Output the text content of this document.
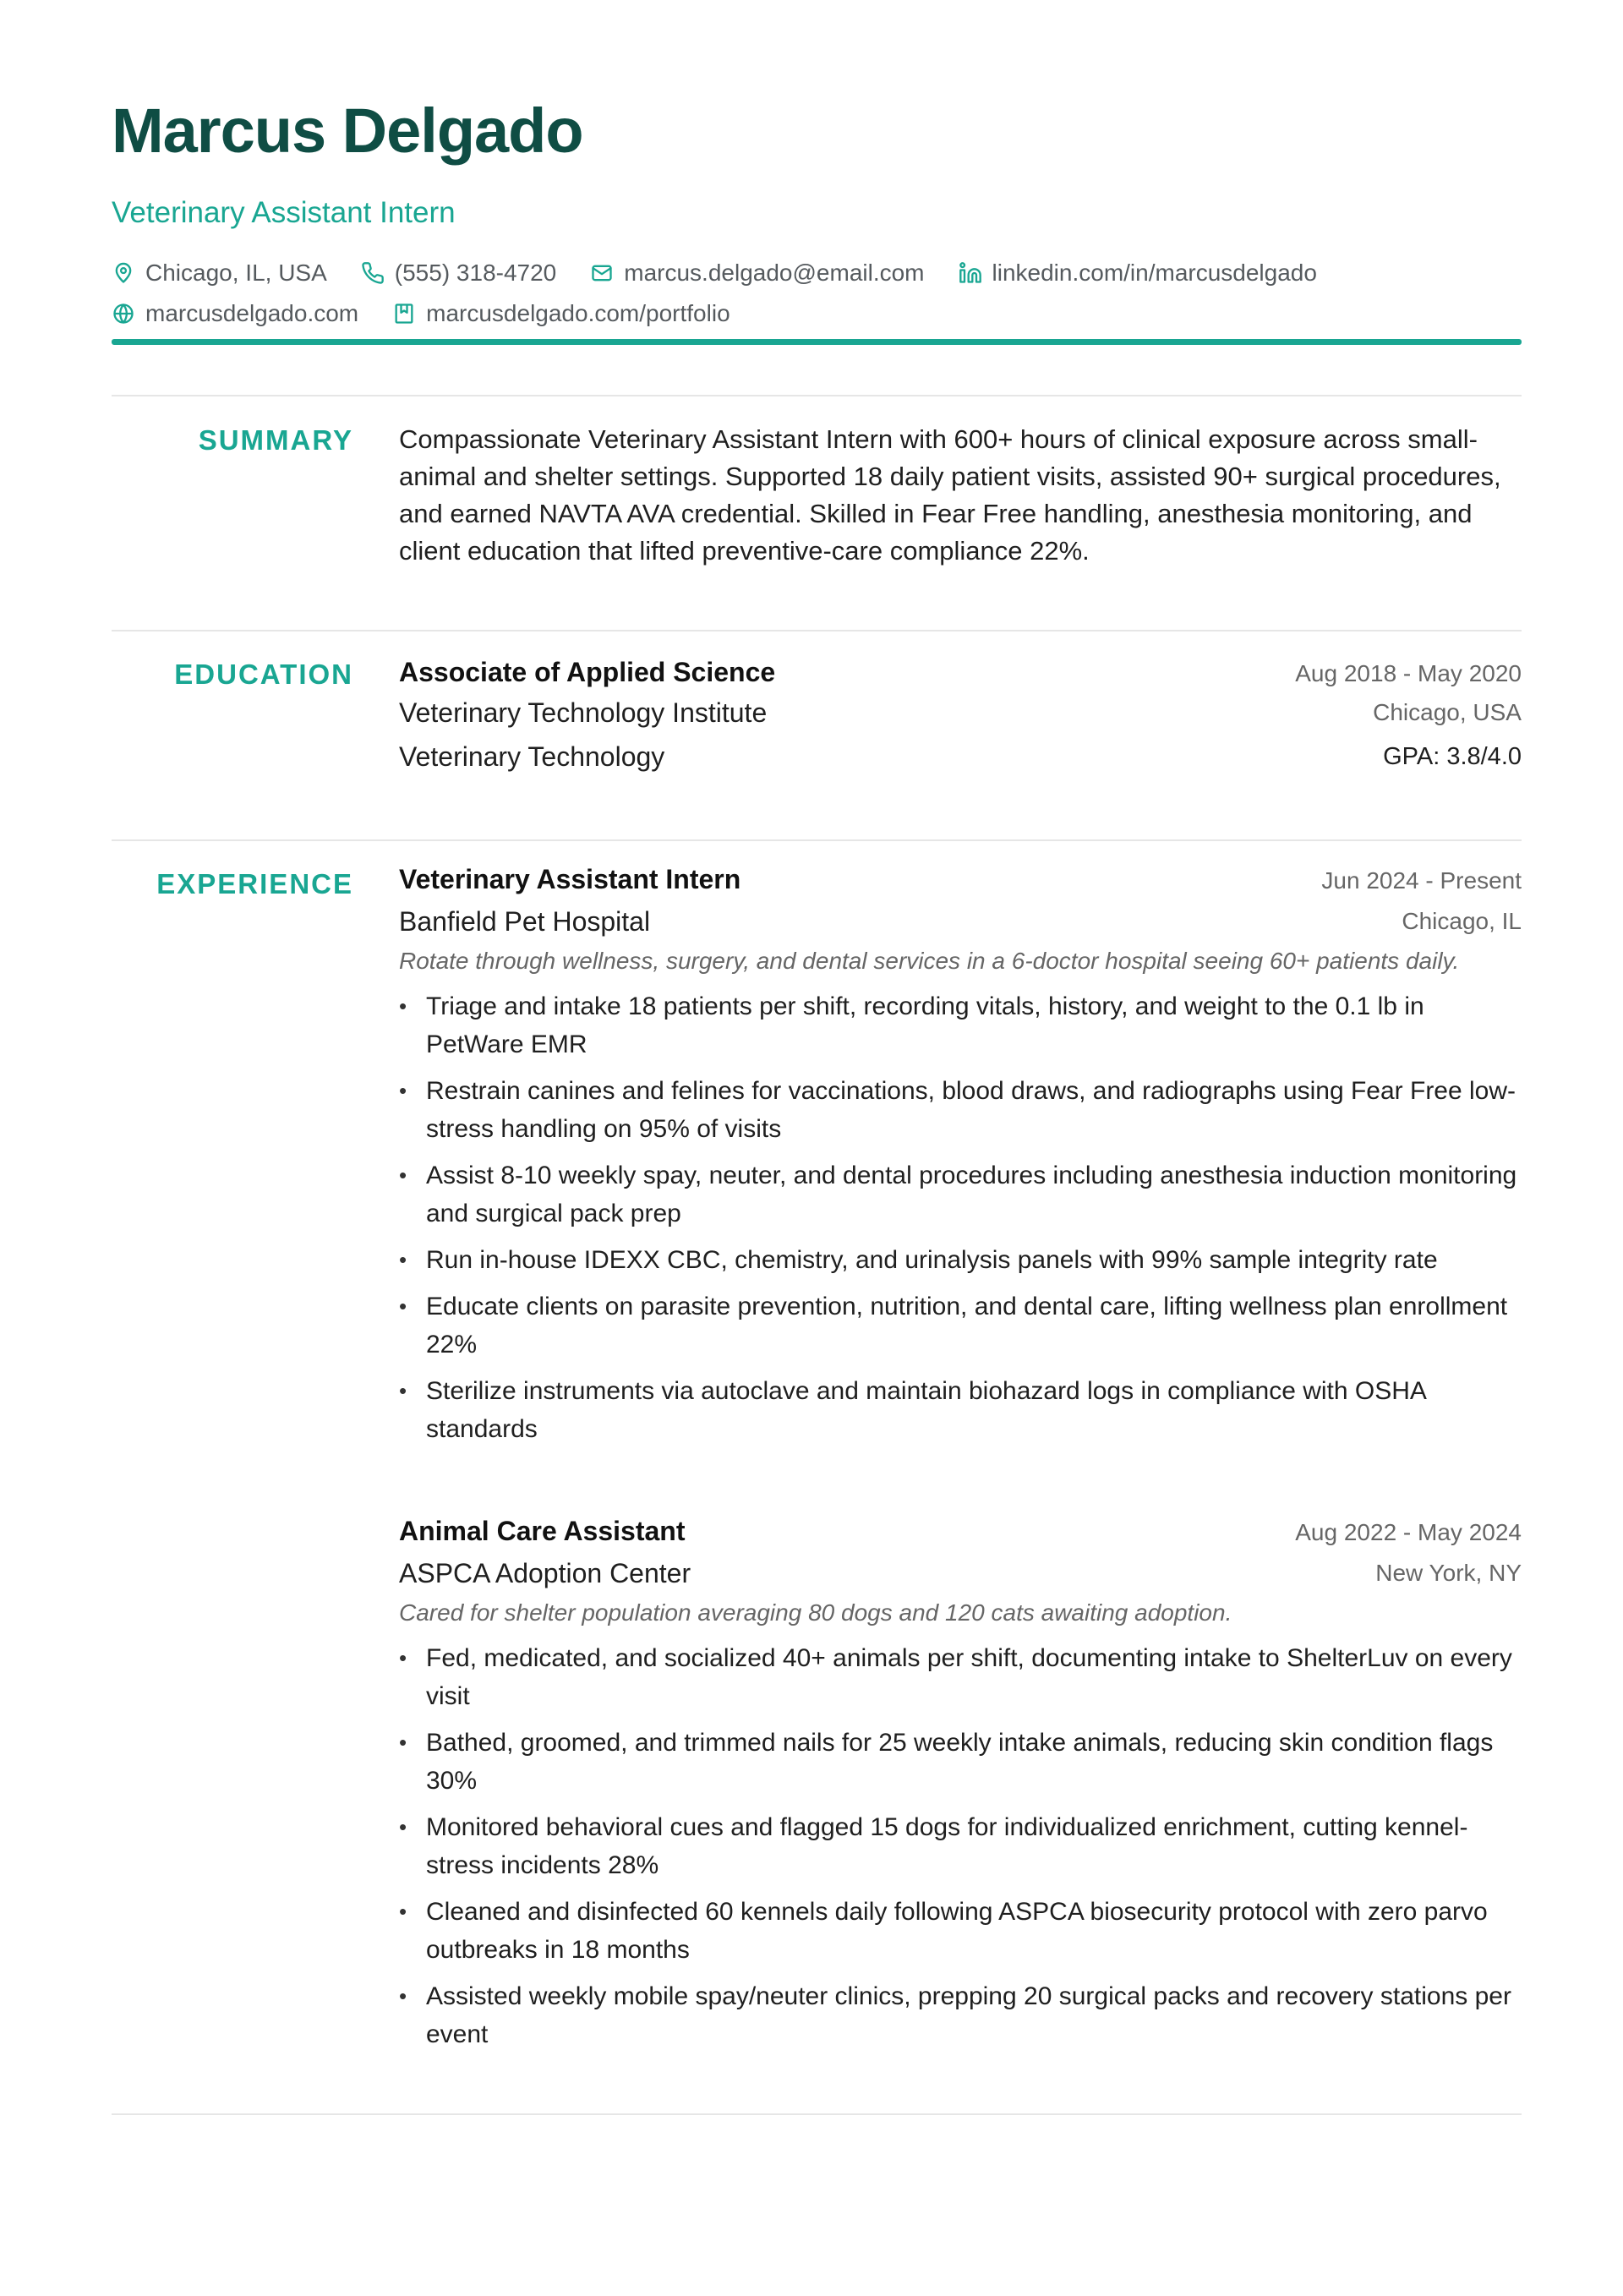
Marcus Delgado
Veterinary Assistant Intern
Chicago, IL, USA	(555) 318-4720	marcus.delgado@email.com	linkedin.com/in/marcusdelgado
marcusdelgado.com	marcusdelgado.com/portfolio
SUMMARY Compassionate Veterinary Assistant Intern with 600+ hours of clinical exposure across small-animal and shelter settings. Supported 18 daily patient visits, assisted 90+ surgical procedures, and earned NAVTA AVA credential. Skilled in Fear Free handling, anesthesia monitoring, and client education that lifted preventive-care compliance 22%.

EDUCATION Associate of Applied Science	Aug 2018 - May 2020
Veterinary Technology Institute	Chicago, USA
Veterinary Technology	GPA: 3.8/4.0
EXPERIENCE Veterinary Assistant Intern	Jun 2024 - Present
Banfield Pet Hospital	Chicago, IL

Rotate through wellness, surgery, and dental services in a 6-doctor hospital seeing 60+ patients daily.

• Triage and intake 18 patients per shift, recording vitals, history, and weight to the 0.1 lb in PetWare EMR
• Restrain canines and felines for vaccinations, blood draws, and radiographs using Fear Free low-stress handling on 95% of visits
• Assist 8-10 weekly spay, neuter, and dental procedures including anesthesia induction monitoring and surgical pack prep
• Run in-house IDEXX CBC, chemistry, and urinalysis panels with 99% sample integrity rate
• Educate clients on parasite prevention, nutrition, and dental care, lifting wellness plan enrollment 22%
• Sterilize instruments via autoclave and maintain biohazard logs in compliance with OSHA standards
Animal Care Assistant	Aug 2022 - May 2024
ASPCA Adoption Center	New York, NY

Cared for shelter population averaging 80 dogs and 120 cats awaiting adoption.

• Fed, medicated, and socialized 40+ animals per shift, documenting intake to ShelterLuv on every visit
• Bathed, groomed, and trimmed nails for 25 weekly intake animals, reducing skin condition flags 30%
• Monitored behavioral cues and flagged 15 dogs for individualized enrichment, cutting kennel-stress incidents 28%
• Cleaned and disinfected 60 kennels daily following ASPCA biosecurity protocol with zero parvo outbreaks in 18 months
• Assisted weekly mobile spay/neuter clinics, prepping 20 surgical packs and recovery stations per event
